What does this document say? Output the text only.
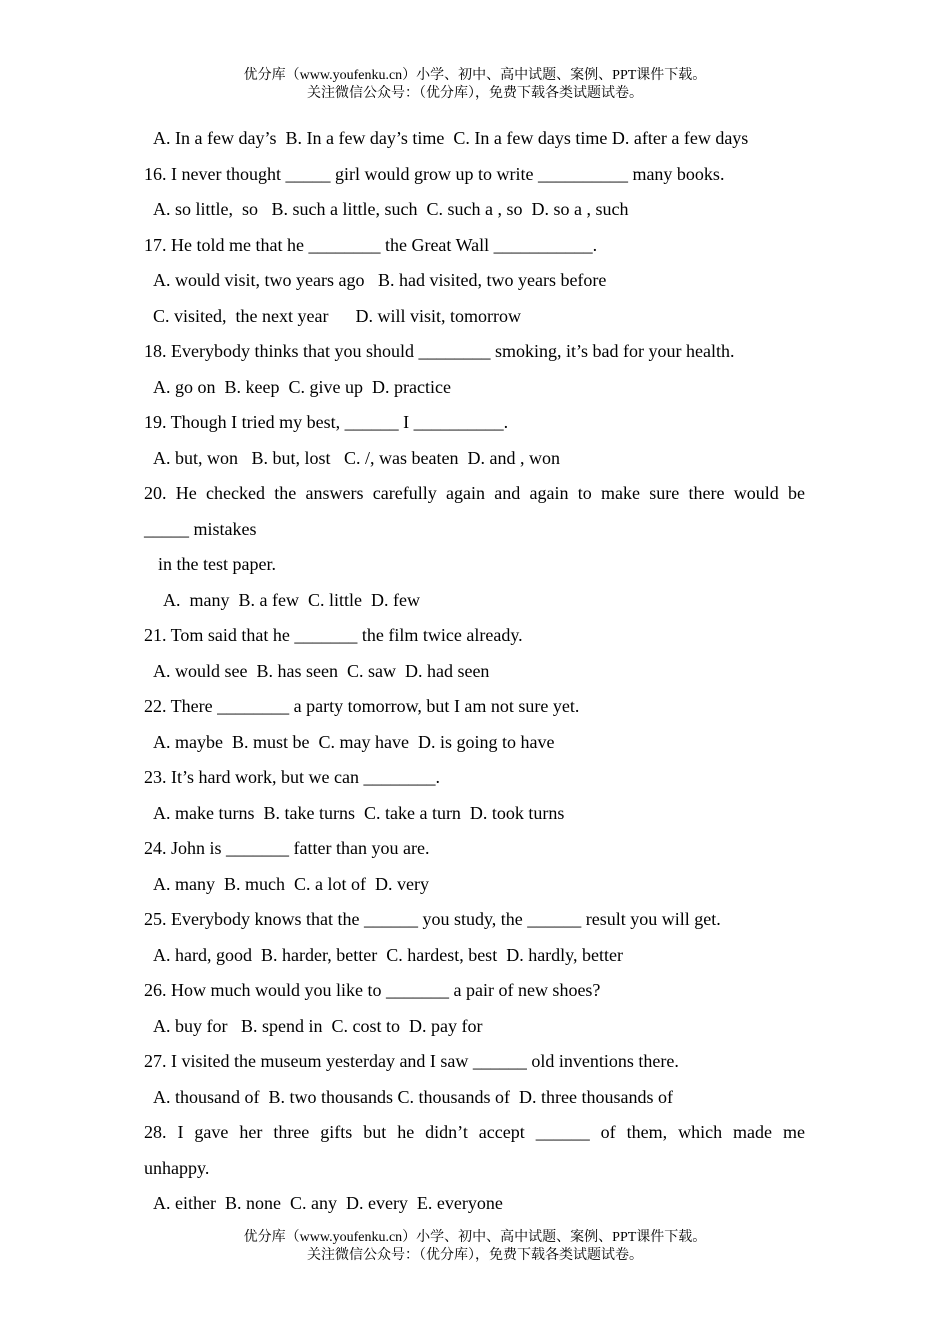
优分库（www.youfenku.cn）小学、初中、高中试题、案例、PPT课件下载。
关注微信公众号：（优分库），免费下载各类试题试卷。
A. In a few day’s  B. In a few day’s time  C. In a few days time D. after a few days
16. I never thought _____ girl would grow up to write __________ many books.
A. so little,  so   B. such a little, such  C. such a , so  D. so a , such
17. He told me that he ________ the Great Wall ___________.
A. would visit, two years ago   B. had visited, two years before
C. visited,  the next year      D. will visit, tomorrow
18. Everybody thinks that you should ________ smoking, it’s bad for your health.
A. go on  B. keep  C. give up  D. practice
19. Though I tried my best, ______ I __________.
A. but, won   B. but, lost   C. /, was beaten  D. and , won
20. He checked the answers carefully again and again to make sure there would be
_____ mistakes
in the test paper.
A.  many  B. a few  C. little  D. few
21. Tom said that he _______ the film twice already.
A. would see  B. has seen  C. saw  D. had seen
22. There ________ a party tomorrow, but I am not sure yet.
A. maybe  B. must be  C. may have  D. is going to have
23. It’s hard work, but we can ________.
A. make turns  B. take turns  C. take a turn  D. took turns
24. John is _______ fatter than you are.
A. many  B. much  C. a lot of  D. very
25. Everybody knows that the ______ you study, the ______ result you will get.
A. hard, good  B. harder, better  C. hardest, best  D. hardly, better
26. How much would you like to _______ a pair of new shoes?
A. buy for   B. spend in  C. cost to  D. pay for
27. I visited the museum yesterday and I saw ______ old inventions there.
A. thousand of  B. two thousands C. thousands of  D. three thousands of
28. I gave her three gifts but he didn’t accept ______ of them, which made me
unhappy.
A. either  B. none  C. any  D. every  E. everyone
优分库（www.youfenku.cn）小学、初中、高中试题、案例、PPT课件下载。
关注微信公众号：（优分库），免费下载各类试题试卷。
